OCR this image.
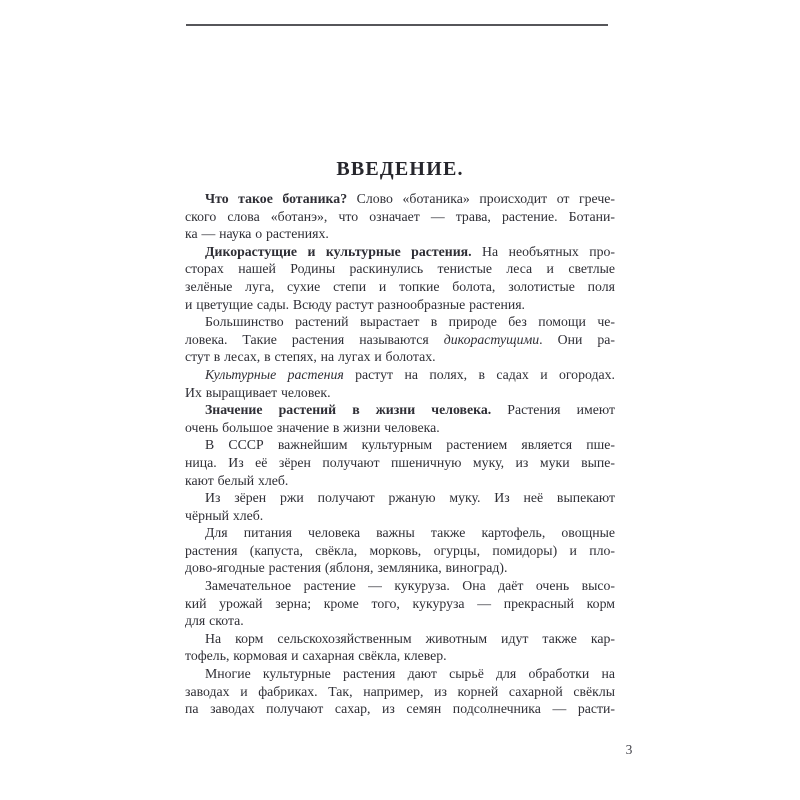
ВВЕДЕНИЕ.
Что такое ботаника? Слово «ботаника» происходит от грече-
ского слова «ботанэ», что означает — трава, растение. Ботани-
ка — наука о растениях.
Дикорастущие и культурные растения. На необъятных про-
сторах нашей Родины раскинулись тенистые леса и светлые
зелёные луга, сухие степи и топкие болота, золотистые поля
и цветущие сады. Всюду растут разнообразные растения.
Большинство растений вырастает в природе без помощи че-
ловека. Такие растения называются дикорастущими. Они ра-
стут в лесах, в степях, на лугах и болотах.
Культурные растения растут на полях, в садах и огородах.
Их выращивает человек.
Значение растений в жизни человека. Растения имеют
очень большое значение в жизни человека.
В СССР важнейшим культурным растением является пше-
ница. Из её зёрен получают пшеничную муку, из муки выпе-
кают белый хлеб.
Из зёрен ржи получают ржаную муку. Из неё выпекают
чёрный хлеб.
Для питания человека важны также картофель, овощные
растения (капуста, свёкла, морковь, огурцы, помидоры) и пло-
дово-ягодные растения (яблоня, земляника, виноград).
Замечательное растение — кукуруза. Она даёт очень высо-
кий урожай зерна; кроме того, кукуруза — прекрасный корм
для скота.
На корм сельскохозяйственным животным идут также кар-
тофель, кормовая и сахарная свёкла, клевер.
Многие культурные растения дают сырьё для обработки на
заводах и фабриках. Так, например, из корней сахарной свёклы
па заводах получают сахар, из семян подсолнечника — расти-
3
